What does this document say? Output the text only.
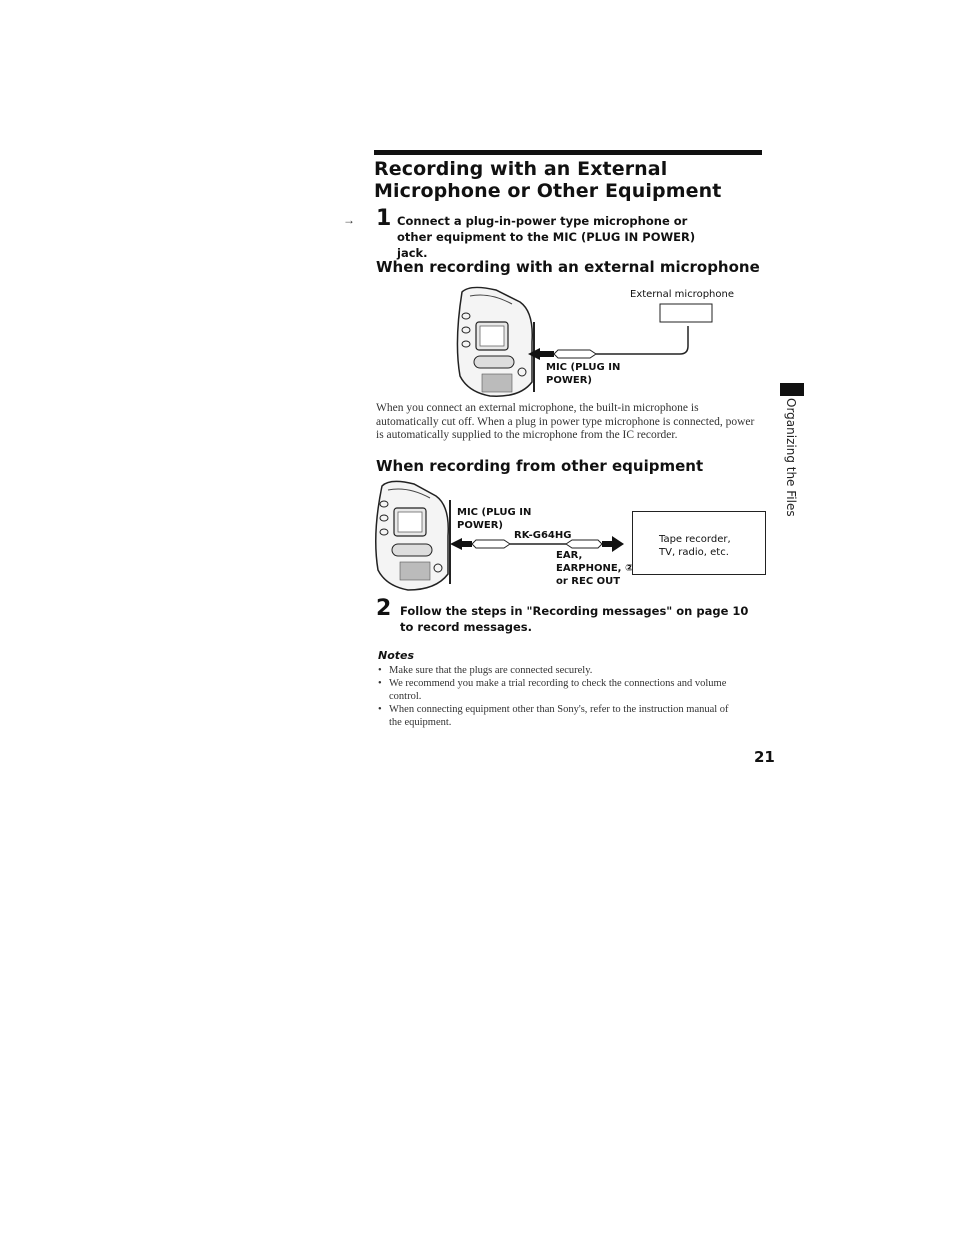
Recording with an External Microphone or Other Equipment
→ 1 Connect a plug-in-power type microphone or other equipment to the MIC (PLUG IN POWER) jack.
When recording with an external microphone
External microphone
MIC (PLUG IN
POWER)
When you connect an external microphone, the built-in microphone is automatically cut off. When a plug in power type microphone is connected, power is automatically supplied to the microphone from the IC recorder.
When recording from other equipment
MIC (PLUG IN
POWER)
RK-G64HG
EAR,
EARPHONE, ②
or REC OUT
Tape recorder,
TV, radio, etc.
2 Follow the steps in "Recording messages" on page 10 to record messages.
Notes
• Make sure that the plugs are connected securely.
• We recommend you make a trial recording to check the connections and volume control.
• When connecting equipment other than Sony's, refer to the instruction manual of the equipment.
21
Organizing the Files
